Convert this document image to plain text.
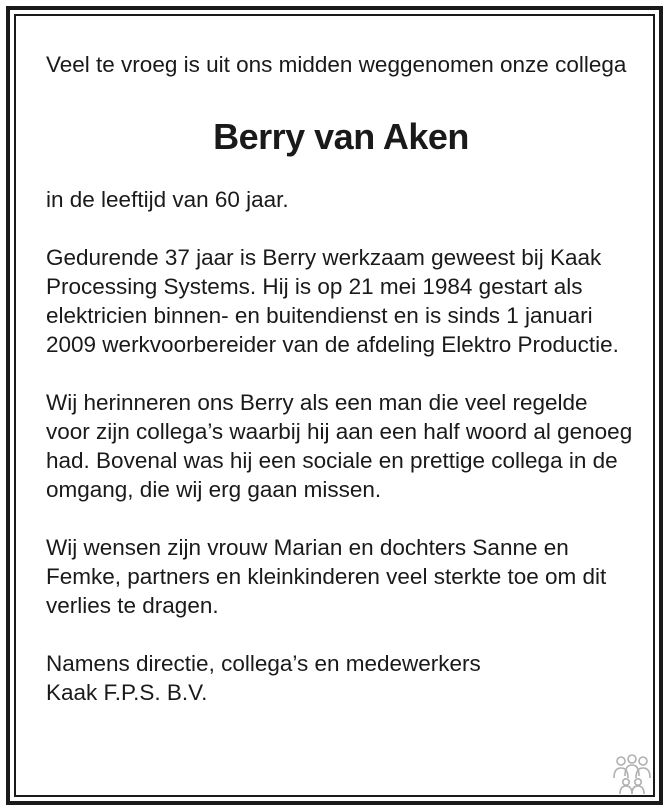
Veel te vroeg is uit ons midden weggenomen onze collega

Berry van Aken

in de leeftijd van 60 jaar.

Gedurende 37 jaar is Berry werkzaam geweest bij Kaak Processing Systems. Hij is op 21 mei 1984 gestart als elektricien binnen- en buitendienst en is sinds 1 januari 2009 werkvoorbereider van de afdeling Elektro Productie.

Wij herinneren ons Berry als een man die veel regelde voor zijn collega’s waarbij hij aan een half woord al genoeg had. Bovenal was hij een sociale en prettige collega in de omgang, die wij erg gaan missen.

Wij wensen zijn vrouw Marian en dochters Sanne en Femke, partners en kleinkinderen veel sterkte toe om dit verlies te dragen.

Namens directie, collega’s en medewerkers

Kaak F.P.S. B.V.
